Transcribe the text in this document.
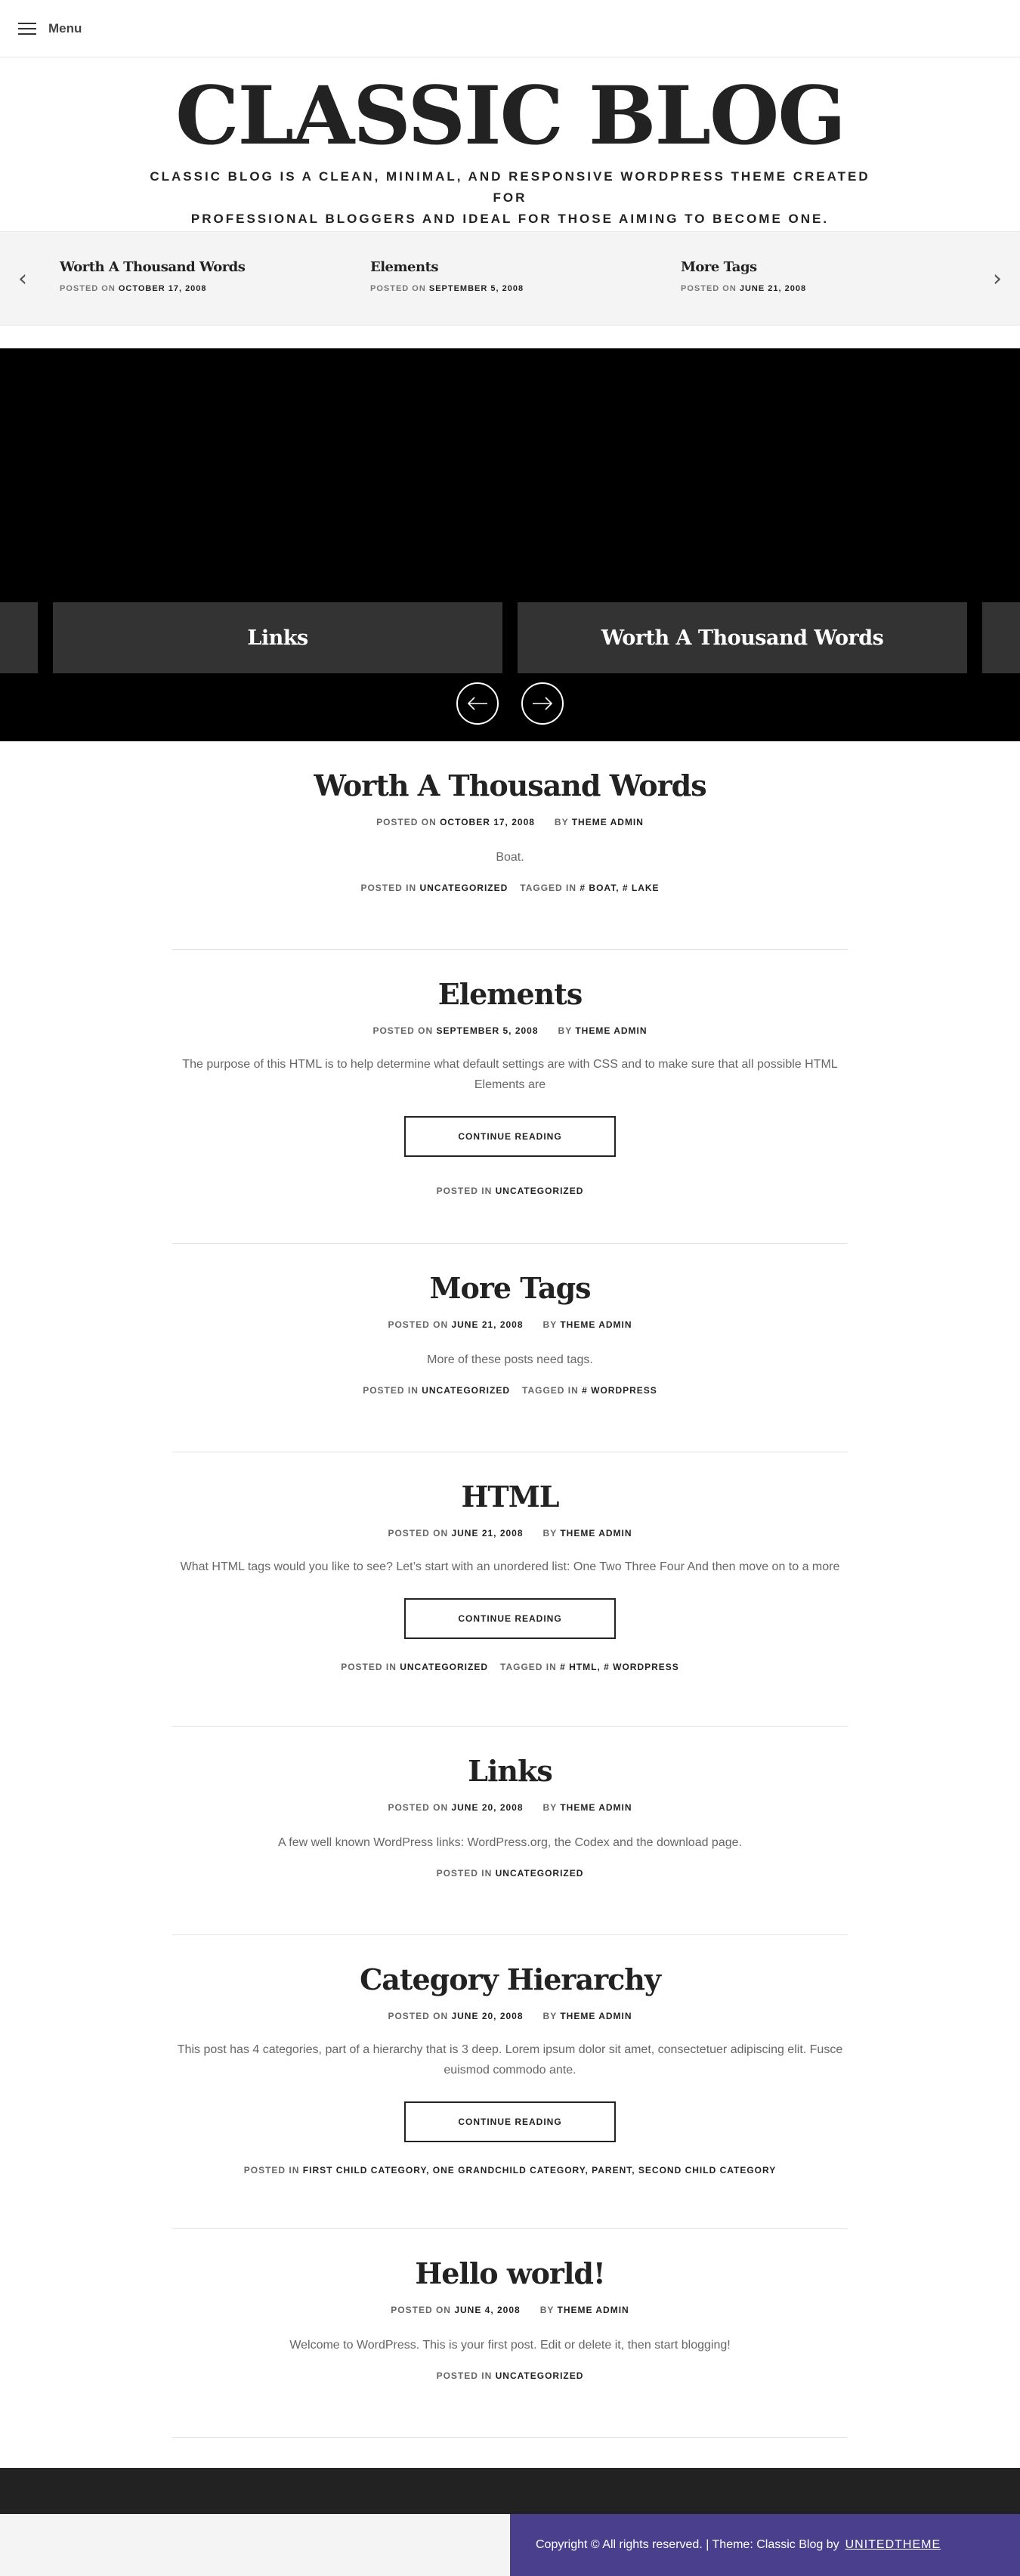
Menu
CLASSIC BLOG

CLASSIC BLOG IS A CLEAN, MINIMAL, AND RESPONSIVE WORDPRESS THEME CREATED FOR
PROFESSIONAL BLOGGERS AND IDEAL FOR THOSE AIMING TO BECOME ONE.

‹ Worth A Thousand Words
POSTED ON OCTOBER 17, 2008
Elements
POSTED ON SEPTEMBER 5, 2008
More Tags
POSTED ON JUNE 21, 2008	›
Links	Worth A Thousand Words
Worth A Thousand Words
POSTED ON OCTOBER 17, 2008 BY THEME ADMIN

Boat.

POSTED IN UNCATEGORIZED TAGGED IN # BOAT, # LAKE
Elements
POSTED ON SEPTEMBER 5, 2008 BY THEME ADMIN

The purpose of this HTML is to help determine what default settings are with CSS and to make sure that all possible HTML
Elements are

CONTINUE READING
POSTED IN UNCATEGORIZED
More Tags
POSTED ON JUNE 21, 2008 BY THEME ADMIN

More of these posts need tags.

POSTED IN UNCATEGORIZED TAGGED IN # WORDPRESS
HTML
POSTED ON JUNE 21, 2008 BY THEME ADMIN

What HTML tags would you like to see? Let’s start with an unordered list: One Two Three Four And then move on to a more

CONTINUE READING
POSTED IN UNCATEGORIZED TAGGED IN # HTML, # WORDPRESS
Links
POSTED ON JUNE 20, 2008 BY THEME ADMIN

A few well known WordPress links: WordPress.org, the Codex and the download page.

POSTED IN UNCATEGORIZED
Category Hierarchy
POSTED ON JUNE 20, 2008 BY THEME ADMIN

This post has 4 categories, part of a hierarchy that is 3 deep. Lorem ipsum dolor sit amet, consectetuer adipiscing elit. Fusce
euismod commodo ante.

CONTINUE READING
POSTED IN FIRST CHILD CATEGORY, ONE GRANDCHILD CATEGORY, PARENT, SECOND CHILD CATEGORY
Hello world!
POSTED ON JUNE 4, 2008 BY THEME ADMIN

Welcome to WordPress. This is your first post. Edit or delete it, then start blogging!

POSTED IN UNCATEGORIZED
Copyright © All rights reserved. | Theme: Classic Blog by UNITEDTHEME
